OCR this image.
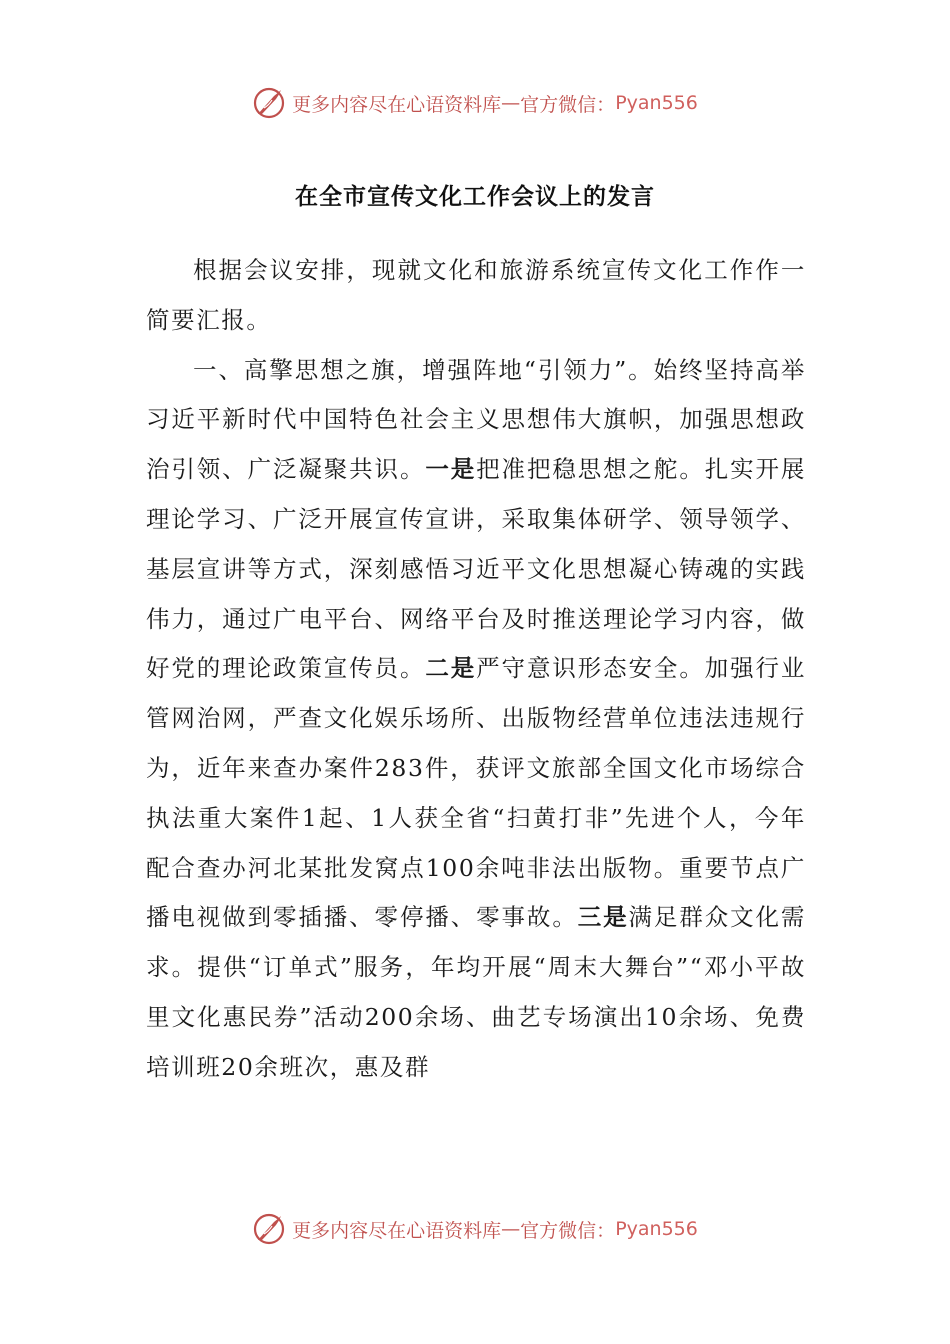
更多内容尽在心语资料库 — 官方微信： Pyan556
在全市宣传文化工作会议上的发言

根据会议安排，现就文化和旅游系统宣传文化工作作一简要汇报。

一、高擎思想之旗，增强阵地“引领力”。始终坚持高举习近平新时代中国特色社会主义思想伟大旗帜，加强思想政治引领、广泛凝聚共识。一是把准把稳思想之舵。扎实开展理论学习、广泛开展宣传宣讲，采取集体研学、领导领学、基层宣讲等方式，深刻感悟习近平文化思想凝心铸魂的实践伟力，通过广电平台、网络平台及时推送理论学习内容，做好党的理论政策宣传员。二是严守意识形态安全。加强行业管网治网，严查文化娱乐场所、出版物经营单位违法违规行为，近年来查办案件283件，获评文旅部全国文化市场综合执法重大案件1起、1人获全省“扫黄打非”先进个人，今年配合查办河北某批发窝点100余吨非法出版物。重要节点广播电视做到零插播、零停播、零事故。三是满足群众文化需求。提供“订单式”服务，年均开展“周末大舞台”“邓小平故里文化惠民券”活动200余场、曲艺专场演出10余场、免费培训班20余班次，惠及群

更多内容尽在心语资料库 — 官方微信： Pyan556
